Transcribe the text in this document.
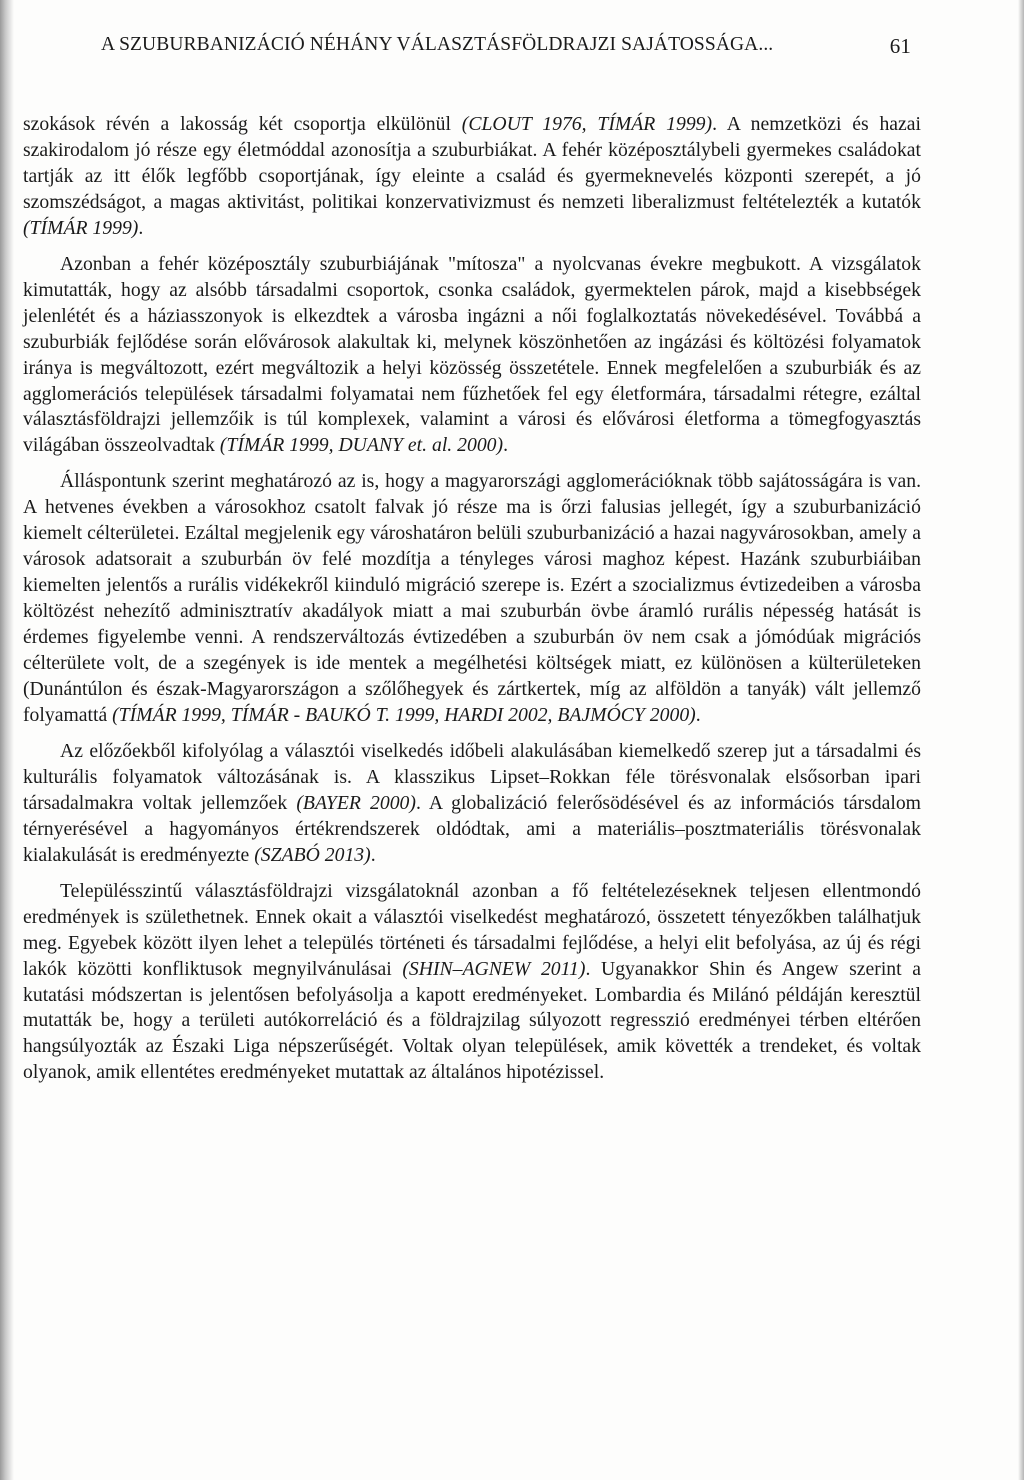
A SZUBURBANIZÁCIÓ NÉHÁNY VÁLASZTÁSFÖLDRAJZI SAJÁTOSSÁGA...	61

szokások révén a lakosság két csoportja elkülönül (CLOUT 1976, TÍMÁR 1999). A nemzetközi és hazai szakirodalom jó része egy életmóddal azonosítja a szuburbiákat. A fehér középosztálybeli gyermekes családokat tartják az itt élők legfőbb csoportjának, így eleinte a család és gyermeknevelés központi szerepét, a jó szomszédságot, a magas aktivitást, politikai konzervativizmust és nemzeti liberalizmust feltételezték a kutatók (TÍMÁR 1999).

Azonban a fehér középosztály szuburbiájának "mítosza" a nyolcvanas évekre megbukott. A vizsgálatok kimutatták, hogy az alsóbb társadalmi csoportok, csonka családok, gyermektelen párok, majd a kisebbségek jelenlétét és a háziasszonyok is elkezdtek a városba ingázni a női foglalkoztatás növekedésével. Továbbá a szuburbiák fejlődése során elővárosok alakultak ki, melynek köszönhetően az ingázási és költözési folyamatok iránya is megváltozott, ezért megváltozik a helyi közösség összetétele. Ennek megfelelően a szuburbiák és az agglomerációs települések társadalmi folyamatai nem fűzhetőek fel egy életformára, társadalmi rétegre, ezáltal választásföldrajzi jellemzőik is túl komplexek, valamint a városi és elővárosi életforma a tömegfogyasztás világában összeolvadtak (TÍMÁR 1999, DUANY et. al. 2000).

Álláspontunk szerint meghatározó az is, hogy a magyarországi agglomerációknak több sajátosságára is van. A hetvenes években a városokhoz csatolt falvak jó része ma is őrzi falusias jellegét, így a szuburbanizáció kiemelt célterületei. Ezáltal megjelenik egy városhatáron belüli szuburbanizáció a hazai nagyvárosokban, amely a városok adatsorait a szuburbán öv felé mozdítja a tényleges városi maghoz képest. Hazánk szuburbiáiban kiemelten jelentős a rurális vidékekről kiinduló migráció szerepe is. Ezért a szocializmus évtizedeiben a városba költözést nehezítő adminisztratív akadályok miatt a mai szuburbán övbe áramló rurális népesség hatását is érdemes figyelembe venni. A rendszerváltozás évtizedében a szuburbán öv nem csak a jómódúak migrációs célterülete volt, de a szegények is ide mentek a megélhetési költségek miatt, ez különösen a külterületeken (Dunántúlon és észak-Magyarországon a szőlőhegyek és zártkertek, míg az alföldön a tanyák) vált jellemző folyamattá (TÍMÁR 1999, TÍMÁR - BAUKÓ T. 1999, HARDI 2002, BAJMÓCY 2000).

Az előzőekből kifolyólag a választói viselkedés időbeli alakulásában kiemelkedő szerep jut a társadalmi és kulturális folyamatok változásának is. A klasszikus Lipset–Rokkan féle törésvonalak elsősorban ipari társadalmakra voltak jellemzőek (BAYER 2000). A globalizáció felerősödésével és az információs társdalom térnyerésével a hagyományos értékrendszerek oldódtak, ami a materiális–posztmateriális törésvonalak kialakulását is eredményezte (SZABÓ 2013).

Településszintű választásföldrajzi vizsgálatoknál azonban a fő feltételezéseknek teljesen ellentmondó eredmények is születhetnek. Ennek okait a választói viselkedést meghatározó, összetett tényezőkben találhatjuk meg. Egyebek között ilyen lehet a település történeti és társadalmi fejlődése, a helyi elit befolyása, az új és régi lakók közötti konfliktusok megnyilvánulásai (SHIN–AGNEW 2011). Ugyanakkor Shin és Angew szerint a kutatási módszertan is jelentősen befolyásolja a kapott eredményeket. Lombardia és Milánó példáján keresztül mutatták be, hogy a területi autókorreláció és a földrajzilag súlyozott regresszió eredményei térben eltérően hangsúlyozták az Északi Liga népszerűségét. Voltak olyan települések, amik követték a trendeket, és voltak olyanok, amik ellentétes eredményeket mutattak az általános hipotézissel.
